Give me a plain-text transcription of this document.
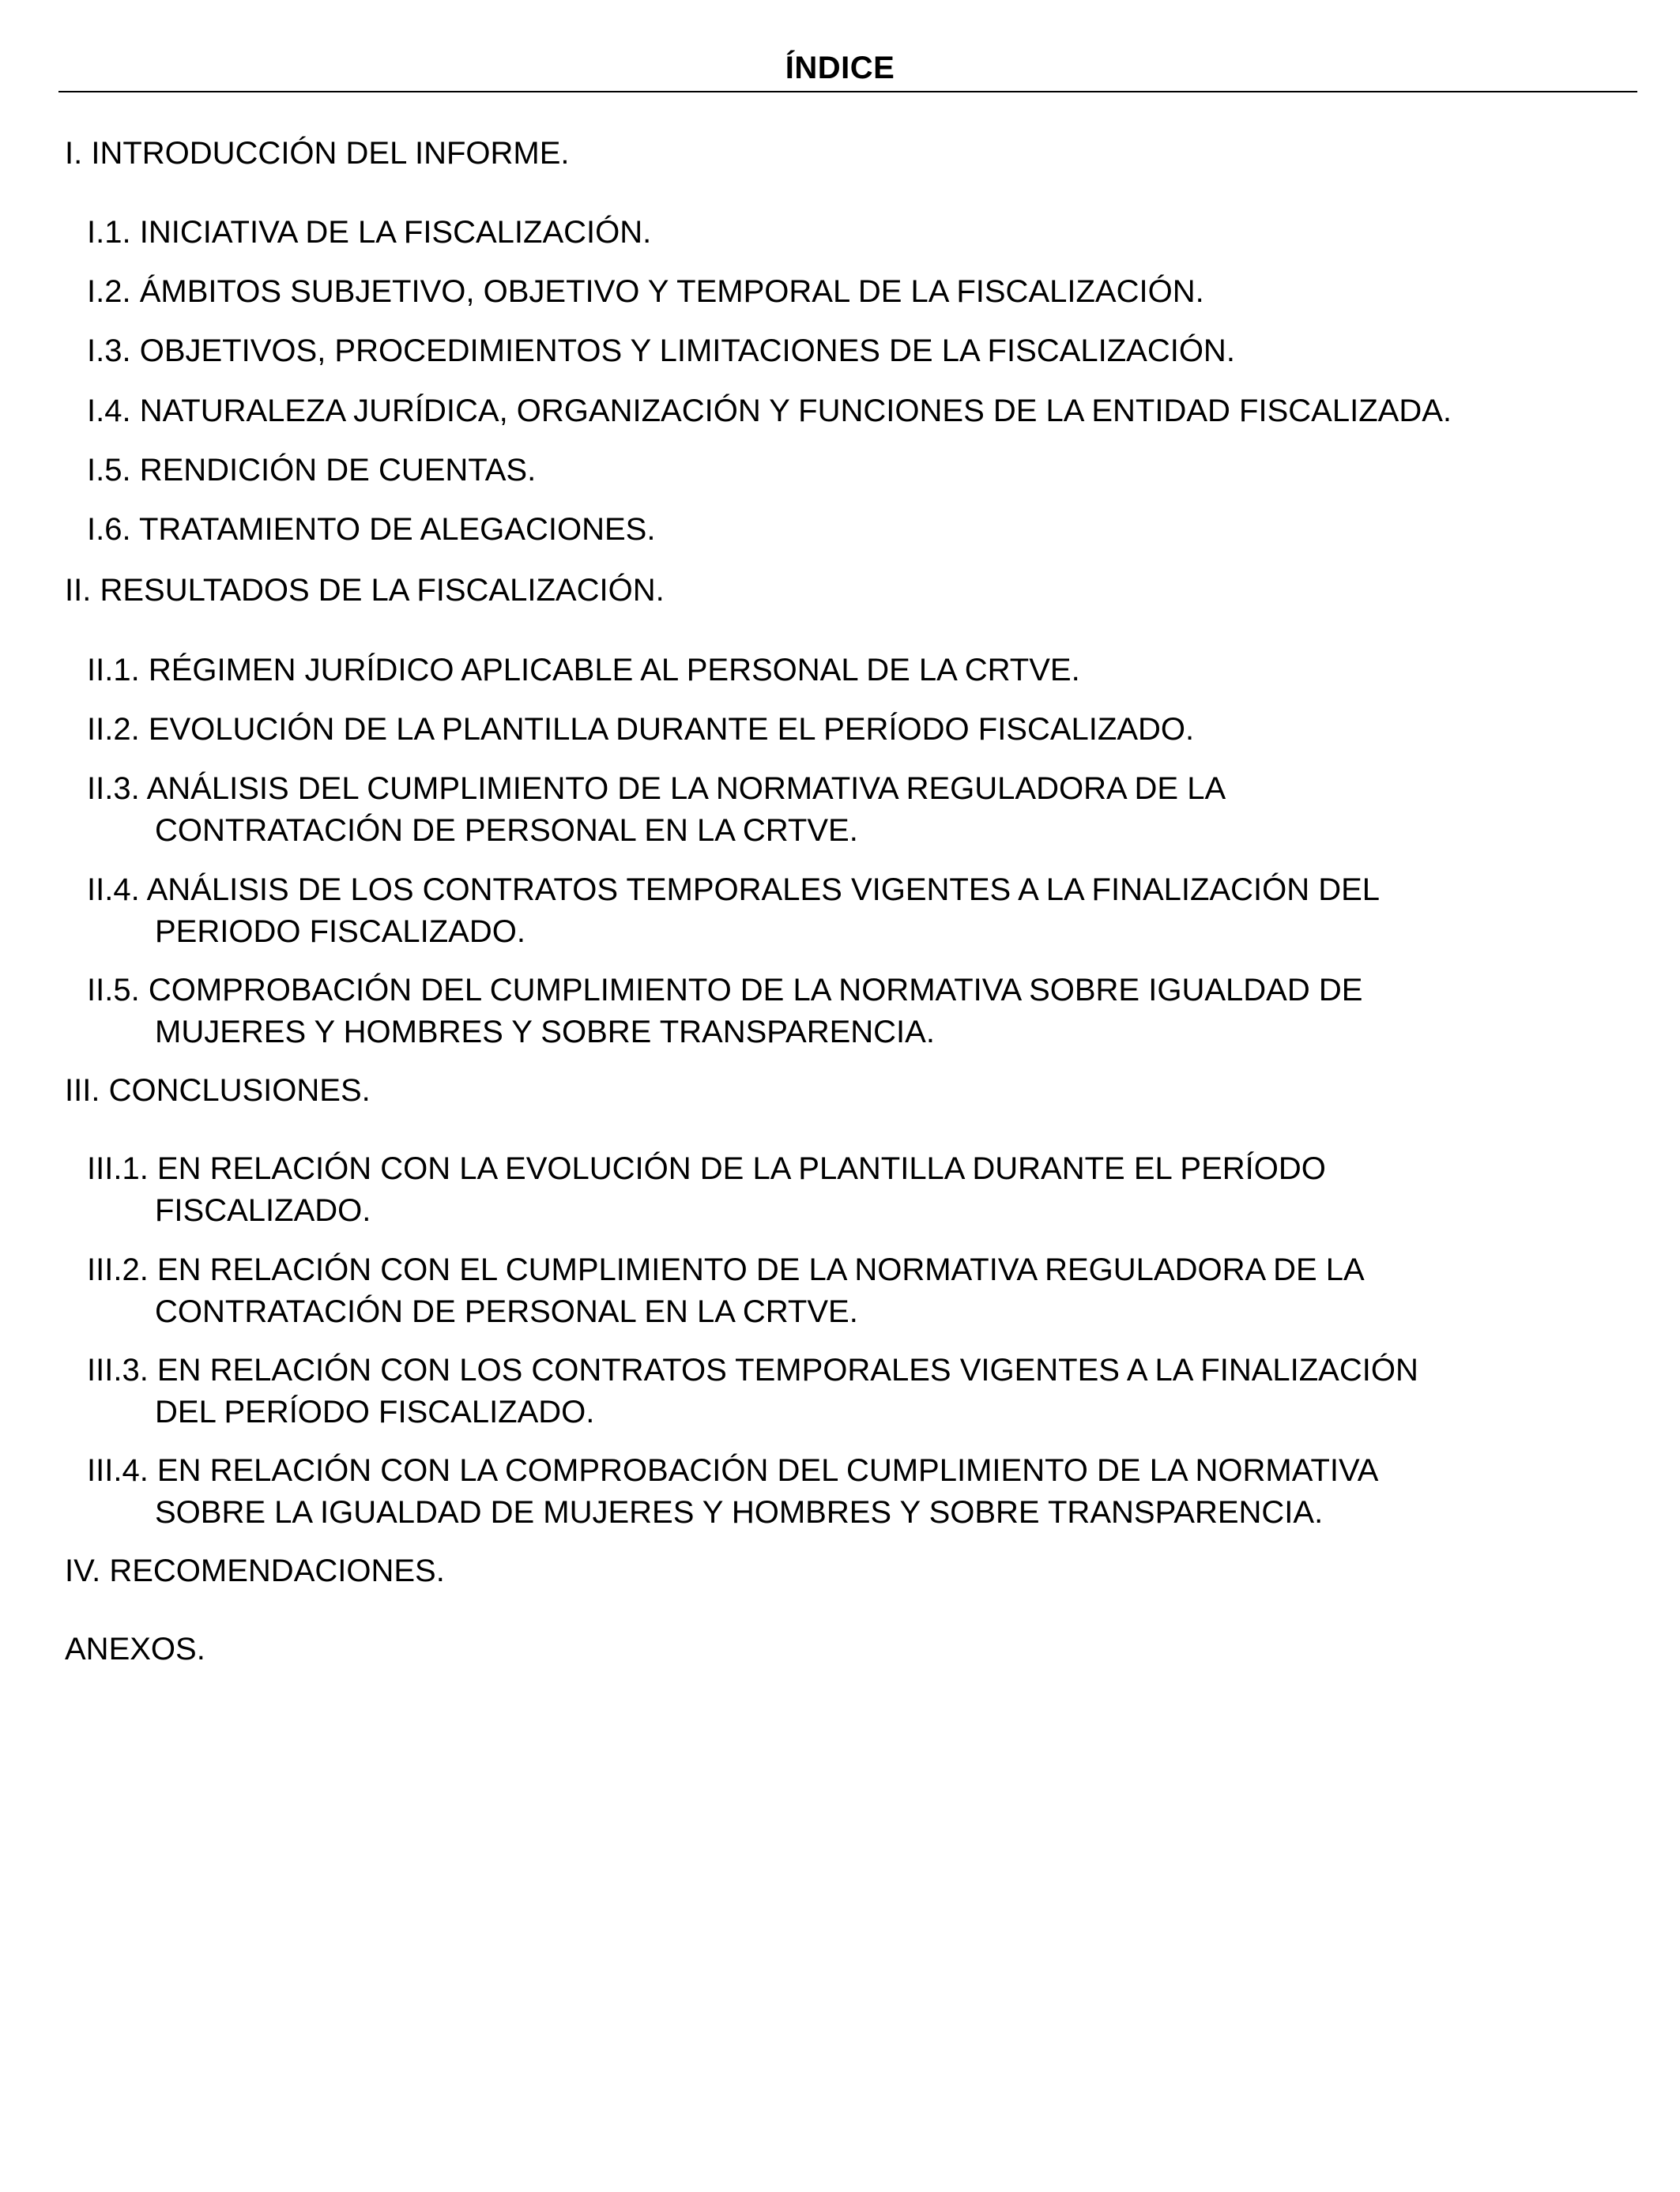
ÍNDICE
I. INTRODUCCIÓN DEL INFORME.
I.1. INICIATIVA DE LA FISCALIZACIÓN.
I.2. ÁMBITOS SUBJETIVO, OBJETIVO Y TEMPORAL DE LA FISCALIZACIÓN.
I.3. OBJETIVOS, PROCEDIMIENTOS Y LIMITACIONES DE LA FISCALIZACIÓN.
I.4. NATURALEZA JURÍDICA, ORGANIZACIÓN Y FUNCIONES DE LA ENTIDAD FISCALIZADA.
I.5. RENDICIÓN DE CUENTAS.
I.6. TRATAMIENTO DE ALEGACIONES.
II. RESULTADOS DE LA FISCALIZACIÓN.
II.1. RÉGIMEN JURÍDICO APLICABLE AL PERSONAL DE LA CRTVE.
II.2. EVOLUCIÓN DE LA PLANTILLA DURANTE EL PERÍODO FISCALIZADO.
II.3. ANÁLISIS DEL CUMPLIMIENTO DE LA NORMATIVA REGULADORA DE LA
CONTRATACIÓN DE PERSONAL EN LA CRTVE.
II.4. ANÁLISIS DE LOS CONTRATOS TEMPORALES VIGENTES A LA FINALIZACIÓN DEL
PERIODO FISCALIZADO.
II.5. COMPROBACIÓN DEL CUMPLIMIENTO DE LA NORMATIVA SOBRE IGUALDAD DE
MUJERES Y HOMBRES Y SOBRE TRANSPARENCIA.
III. CONCLUSIONES.
III.1. EN RELACIÓN CON LA EVOLUCIÓN DE LA PLANTILLA DURANTE EL PERÍODO
FISCALIZADO.
III.2. EN RELACIÓN CON EL CUMPLIMIENTO DE LA NORMATIVA REGULADORA DE LA
CONTRATACIÓN DE PERSONAL EN LA CRTVE.
III.3. EN RELACIÓN CON LOS CONTRATOS TEMPORALES VIGENTES A LA FINALIZACIÓN
DEL PERÍODO FISCALIZADO.
III.4. EN RELACIÓN CON LA COMPROBACIÓN DEL CUMPLIMIENTO DE LA NORMATIVA
SOBRE LA IGUALDAD DE MUJERES Y HOMBRES Y SOBRE TRANSPARENCIA.
IV. RECOMENDACIONES.
ANEXOS.
